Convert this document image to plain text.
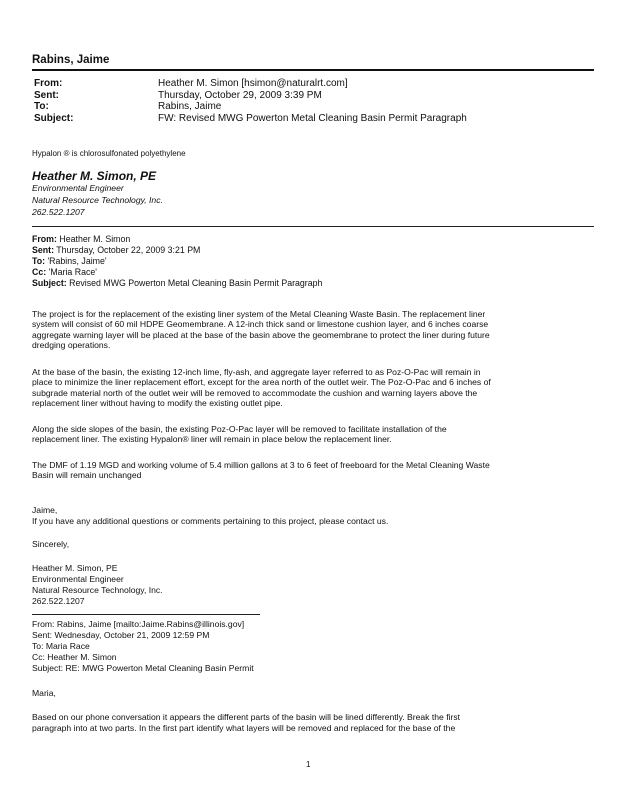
Rabins, Jaime
From:	Heather M. Simon [hsimon@naturalrt.com]
Sent:	Thursday, October 29, 2009 3:39 PM
To:	Rabins, Jaime
Subject:	FW: Revised MWG Powerton Metal Cleaning Basin Permit Paragraph
Hypalon ® is chlorosulfonated polyethylene
Heather M. Simon, PE
Environmental Engineer
Natural Resource Technology, Inc.
262.522.1207
From: Heather M. Simon
Sent: Thursday, October 22, 2009 3:21 PM
To: 'Rabins, Jaime'
Cc: 'Maria Race'
Subject: Revised MWG Powerton Metal Cleaning Basin Permit Paragraph
The project is for the replacement of the existing liner system of the Metal Cleaning Waste Basin. The replacement liner
system will consist of 60 mil HDPE Geomembrane. A 12-inch thick sand or limestone cushion layer, and 6 inches coarse
aggregate warning layer will be placed at the base of the basin above the geomembrane to protect the liner during future
dredging operations.
At the base of the basin, the existing 12-inch lime, fly-ash, and aggregate layer referred to as Poz-O-Pac will remain in
place to minimize the liner replacement effort, except for the area north of the outlet weir. The Poz-O-Pac and 6 inches of
subgrade material north of the outlet weir will be removed to accommodate the cushion and warning layers above the
replacement liner without having to modify the existing outlet pipe.
Along the side slopes of the basin, the existing Poz-O-Pac layer will be removed to facilitate installation of the
replacement liner. The existing Hypalon® liner will remain in place below the replacement liner.
The DMF of 1.19 MGD and working volume of 5.4 million gallons at 3 to 6 feet of freeboard for the Metal Cleaning Waste
Basin will remain unchanged
Jaime,
If you have any additional questions or comments pertaining to this project, please contact us.
Sincerely,
Heather M. Simon, PE
Environmental Engineer
Natural Resource Technology, Inc.
262.522.1207
From: Rabins, Jaime [mailto:Jaime.Rabins@illinois.gov]
Sent: Wednesday, October 21, 2009 12:59 PM
To: Maria Race
Cc: Heather M. Simon
Subject: RE: MWG Powerton Metal Cleaning Basin Permit
Maria,
Based on our phone conversation it appears the different parts of the basin will be lined differently. Break the first
paragraph into at two parts. In the first part identify what layers will be removed and replaced for the base of the
1
